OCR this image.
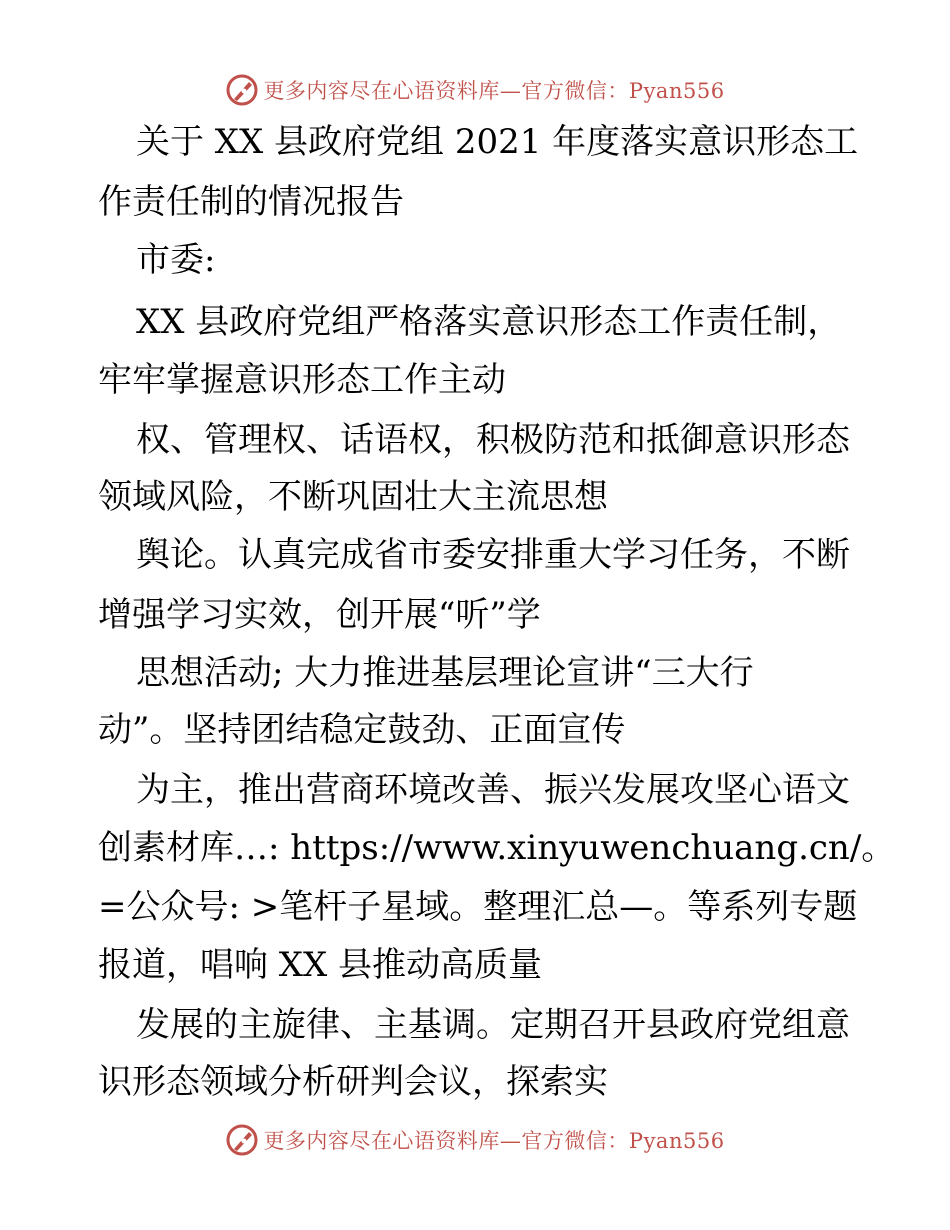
更多内容尽在心语资料库—官方微信：Pyan556
关于 XX 县政府党组 2021 年度落实意识形态工
作责任制的情况报告
市委:
XX 县政府党组严格落实意识形态工作责任制，
牢牢掌握意识形态工作主动
权、管理权、话语权，积极防范和抵御意识形态
领域风险，不断巩固壮大主流思想
舆论。认真完成省市委安排重大学习任务，不断
增强学习实效，创开展“听”学
思想活动; 大力推进基层理论宣讲“三大行
动”。坚持团结稳定鼓劲、正面宣传
为主，推出营商环境改善、振兴发展攻坚心语文
创素材库…: https://www.xinyuwenchuang.cn/。
=公众号: >笔杆子星域。整理汇总—。等系列专题
报道，唱响 XX 县推动高质量
发展的主旋律、主基调。定期召开县政府党组意
识形态领域分析研判会议，探索实
更多内容尽在心语资料库—官方微信：Pyan556
